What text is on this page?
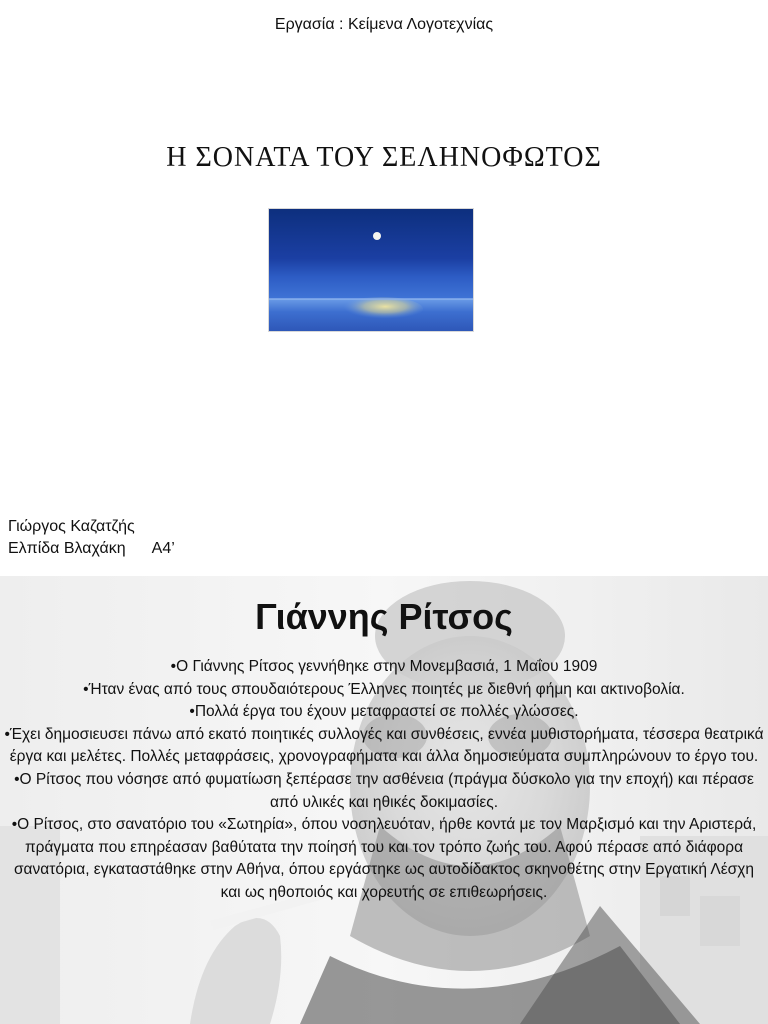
Εργασία : Κείμενα Λογοτεχνίας
Η ΣΟΝΑΤΑ ΤΟΥ ΣΕΛΗΝΟΦΩΤΟΣ
Γιώργος Καζατζής
Ελπίδα Βλαχάκη Α4’
Γιάννης Ρίτσος

•Ο Γιάννης Ρίτσος γεννήθηκε στην Μονεμβασιά, 1 Μαΐου 1909

•Ήταν ένας από τους σπουδαιότερους Έλληνες ποιητές με διεθνή φήμη και ακτινοβολία.

•Πολλά έργα του έχουν μεταφραστεί σε πολλές γλώσσες.

•Έχει δημοσιευσει πάνω από εκατό ποιητικές συλλογές και συνθέσεις, εννέα μυθιστορήματα, τέσσερα θεατρικά έργα και μελέτες. Πολλές μεταφράσεις, χρονογραφήματα και άλλα δημοσιεύματα συμπληρώνουν το έργο του.

•Ο Ρίτσος που νόσησε από φυματίωση ξεπέρασε την ασθένεια (πράγμα δύσκολο για την εποχή) και πέρασε από υλικές και ηθικές δοκιμασίες.

•Ο Ρίτσος, στο σανατόριο του «Σωτηρία», όπου νοσηλευόταν, ήρθε κοντά με τον Μαρξισμό και την Αριστερά, πράγματα που επηρέασαν βαθύτατα την ποίησή του και τον τρόπο ζωής του. Αφού πέρασε από διάφορα σανατόρια, εγκαταστάθηκε στην Αθήνα, όπου εργάστηκε ως αυτοδίδακτος σκηνοθέτης στην Εργατική Λέσχη και ως ηθοποιός και χορευτής σε επιθεωρήσεις.
